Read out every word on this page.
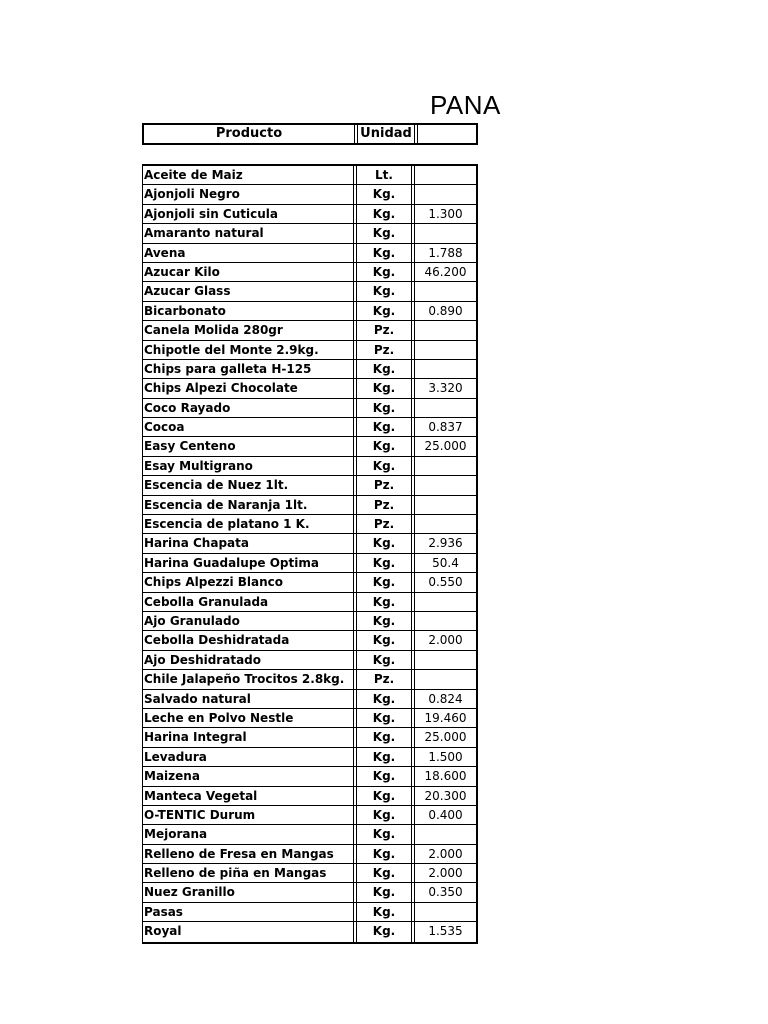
PANA
Producto	Unidad
Aceite de Maiz	Lt.
Ajonjoli Negro	Kg.
Ajonjoli sin Cuticula	Kg.	1.300
Amaranto natural	Kg.
Avena	Kg.	1.788
Azucar Kilo	Kg.	46.200
Azucar Glass	Kg.
Bicarbonato	Kg.	0.890
Canela Molida 280gr	Pz.
Chipotle del Monte 2.9kg.	Pz.
Chips para galleta H-125	Kg.
Chips Alpezi Chocolate	Kg.	3.320
Coco Rayado	Kg.
Cocoa	Kg.	0.837
Easy Centeno	Kg.	25.000
Esay Multigrano	Kg.
Escencia de Nuez 1lt.	Pz.
Escencia de Naranja 1lt.	Pz.
Escencia de platano 1 K.	Pz.
Harina Chapata	Kg.	2.936
Harina Guadalupe Optima	Kg.	50.4
Chips Alpezzi Blanco	Kg.	0.550
Cebolla Granulada	Kg.
Ajo Granulado	Kg.
Cebolla Deshidratada	Kg.	2.000
Ajo Deshidratado	Kg.
Chile Jalapeño Trocitos 2.8kg.	Pz.
Salvado natural	Kg.	0.824
Leche en Polvo Nestle	Kg.	19.460
Harina Integral	Kg.	25.000
Levadura	Kg.	1.500
Maizena	Kg.	18.600
Manteca Vegetal	Kg.	20.300
O-TENTIC Durum	Kg.	0.400
Mejorana	Kg.
Relleno de Fresa en Mangas	Kg.	2.000
Relleno de piña en Mangas	Kg.	2.000
Nuez Granillo	Kg.	0.350
Pasas	Kg.
Royal	Kg.	1.535
